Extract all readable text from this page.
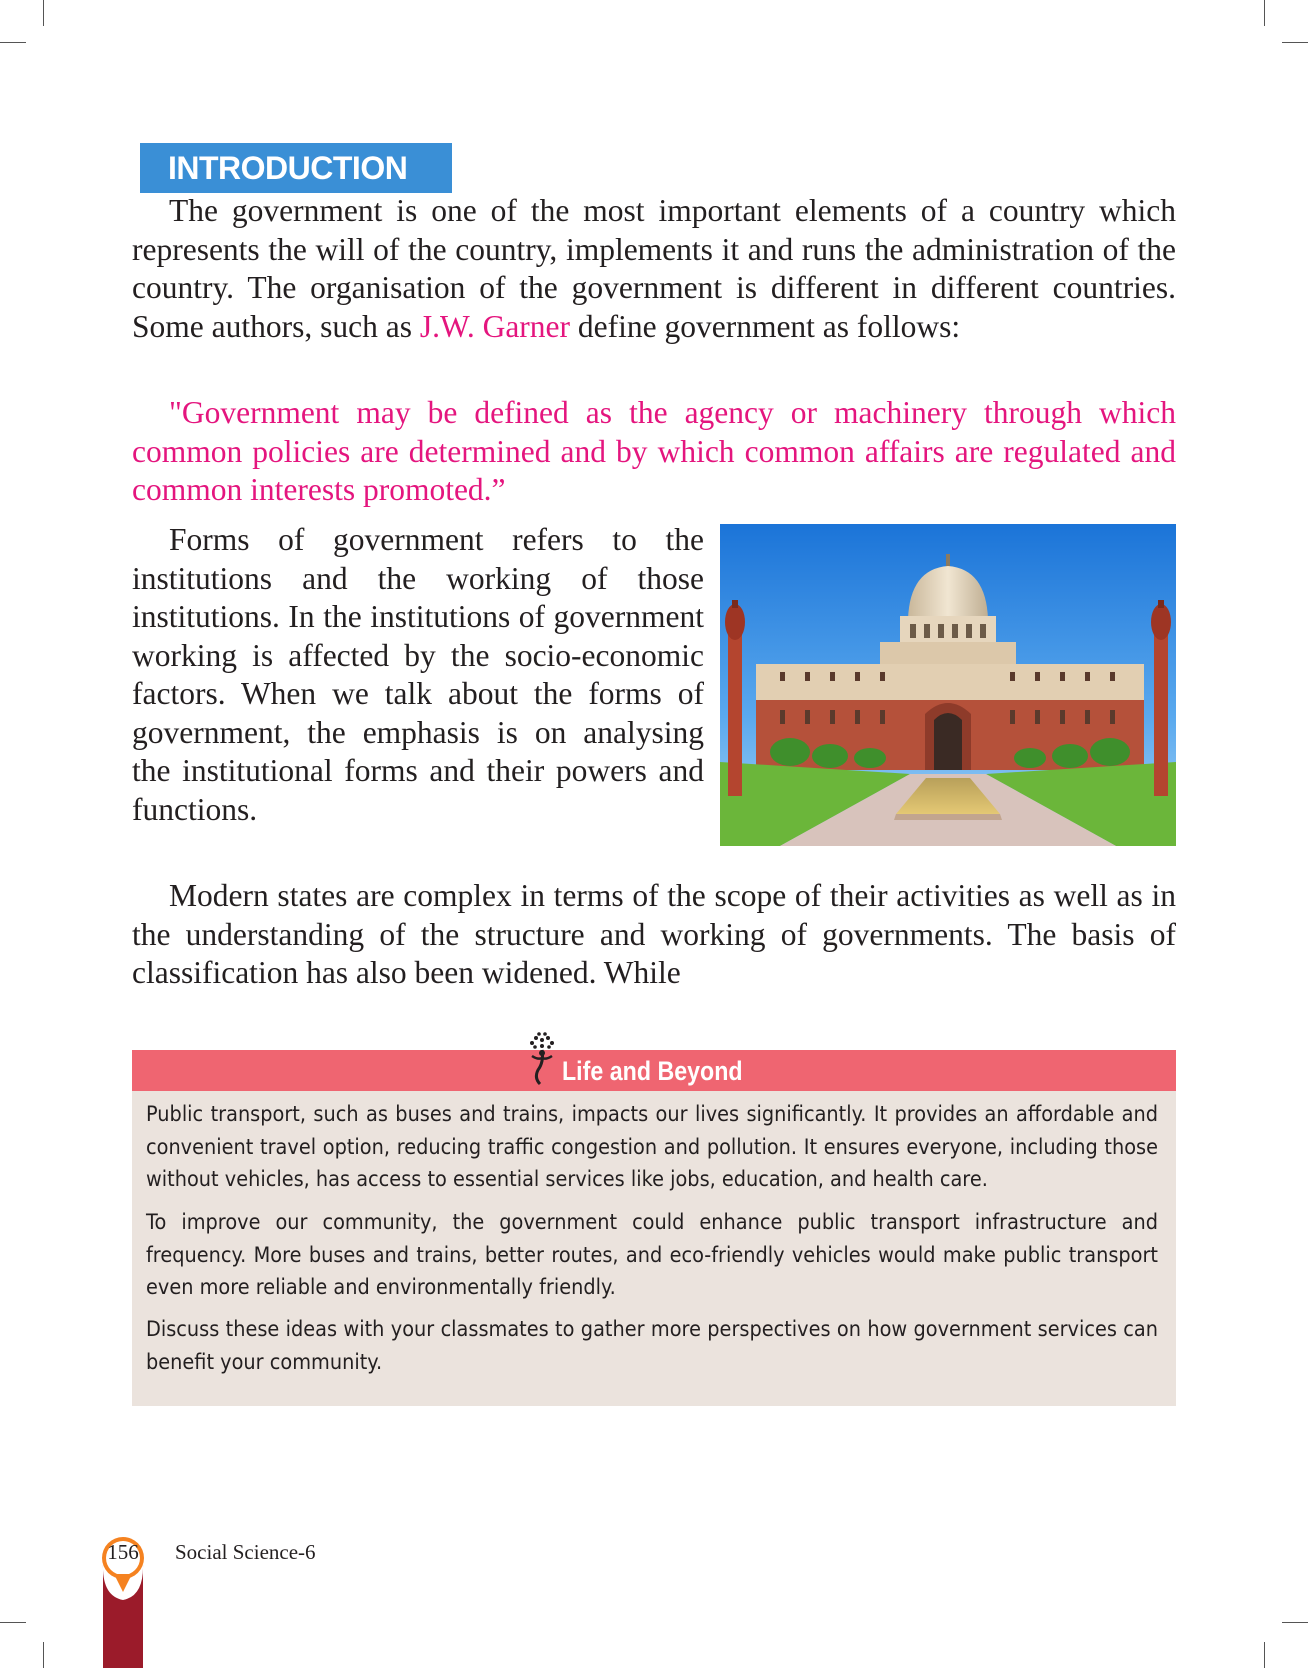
INTRODUCTION

The government is one of the most important elements of a country which represents the will of the country, implements it and runs the administration of the country. The organisation of the government is different in different countries. Some authors, such as J.W. Garner define government as follows:

"Government may be defined as the agency or machinery through which common policies are determined and by which common affairs are regulated and common interests promoted.”

Forms of government refers to the institutions and the working of those institutions. In the institutions of government working is affected by the socio-economic factors. When we talk about the forms of government, the emphasis is on analysing the institutional forms and their powers and functions.

Modern states are complex in terms of the scope of their activities as well as in the understanding of the structure and working of governments. The basis of classification has also been widened. While

Life and Beyond

Public transport, such as buses and trains, impacts our lives significantly. It provides an affordable and convenient travel option, reducing traffic congestion and pollution. It ensures everyone, including those without vehicles, has access to essential services like jobs, education, and health care.

To improve our community, the government could enhance public transport infrastructure and frequency. More buses and trains, better routes, and eco-friendly vehicles would make public transport even more reliable and environmentally friendly.

Discuss these ideas with your classmates to gather more perspectives on how government services can benefit your community.

156 Social Science-6
